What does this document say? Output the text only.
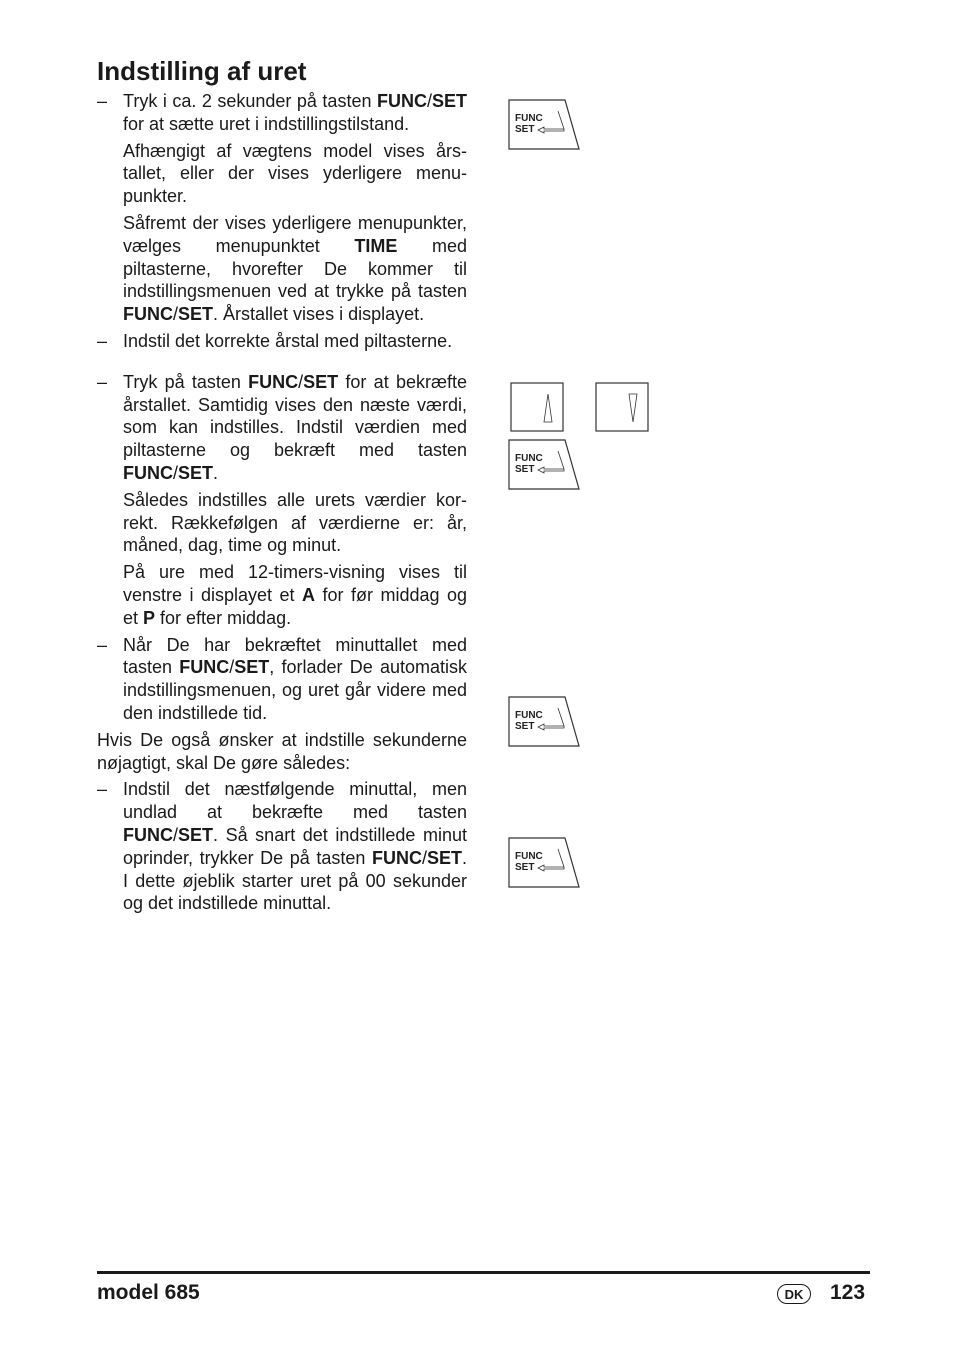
Indstilling af uret
– Tryk i ca. 2 sekunder på tasten FUNC/SET for at sætte uret i indstillingstilstand.

Afhængigt af vægtens model vises årstallet, eller der vises yderligere menupunkter.

Såfremt der vises yderligere menupunkter, vælges menupunktet TIME med piltasterne, hvorefter De kommer til indstillingsmenuen ved at trykke på tasten FUNC/SET. Årstallet vises i displayet.

– Indstil det korrekte årstal med piltasterne.

– Tryk på tasten FUNC/SET for at bekræfte årstallet. Samtidig vises den næste værdi, som kan indstilles. Indstil værdien med piltasterne og bekræft med tasten FUNC/SET.

Således indstilles alle urets værdier korrekt. Rækkefølgen af værdierne er: år, måned, dag, time og minut.

På ure med 12-timers-visning vises til venstre i displayet et A for før middag og et P for efter middag.

– Når De har bekræftet minuttallet med tasten FUNC/SET, forlader De automatisk indstillingsmenuen, og uret går videre med den indstillede tid.

Hvis De også ønsker at indstille sekunderne nøjagtigt, skal De gøre således:

– Indstil det næstfølgende minuttal, men undlad at bekræfte med tasten FUNC/SET. Så snart det indstillede minut oprinder, trykker De på tasten FUNC/SET. I dette øjeblik starter uret på 00 sekunder og det indstillede minuttal.

FUNC
SET
FUNC
SET
FUNC
SET
FUNC
SET
model 685	DK	123
